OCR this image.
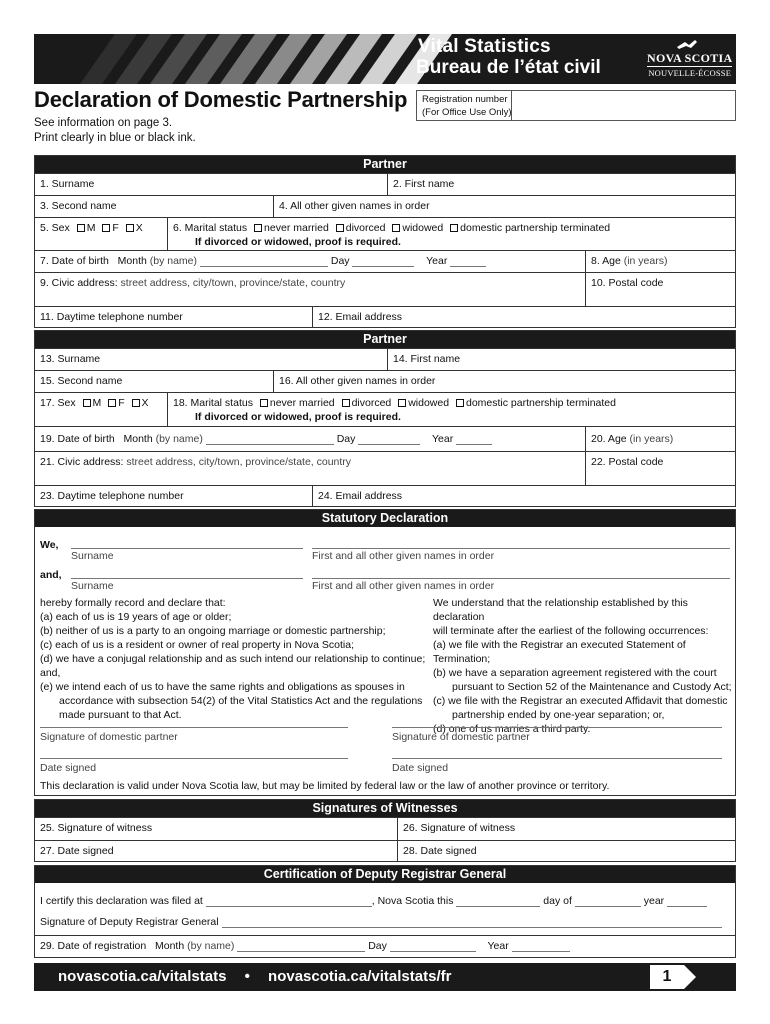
Vital Statistics
Bureau de l’état civil	NOVA SCOTIA
NOUVELLE-ÉCOSSE
Declaration of Domestic Partnership
See information on page 3.
Print clearly in blue or black ink.
Registration number
(For Office Use Only)
Partner
1. Surname	2. First name
3. Second name	4. All other given names in order
5. Sex M F X	6. Marital status never married divorced widowed domestic partnership terminated
If divorced or widowed, proof is required.
7. Date of birth Month (by name)	Day	Year	8. Age (in years)
9. Civic address: street address, city/town, province/state, country	10. Postal code
11. Daytime telephone number	12. Email address
Partner
13. Surname	14. First name
15. Second name	16. All other given names in order
17. Sex M F X	18. Marital status never married divorced widowed domestic partnership terminated
If divorced or widowed, proof is required.
19. Date of birth Month (by name)	Day	Year	20. Age (in years)
21. Civic address: street address, city/town, province/state, country	22. Postal code
23. Daytime telephone number	24. Email address
Statutory Declaration
We,
Surname	First and all other given names in order
and,
Surname	First and all other given names in order
hereby formally record and declare that:
(a) each of us is 19 years of age or older;
(b) neither of us is a party to an ongoing marriage or domestic partnership;
(c) each of us is a resident or owner of real property in Nova Scotia;
(d) we have a conjugal relationship and as such intend our relationship to continue; and,
(e) we intend each of us to have the same rights and obligations as spouses in
accordance with subsection 54(2) of the Vital Statistics Act and the regulations
made pursuant to that Act.
We understand that the relationship established by this declaration
will terminate after the earliest of the following occurrences:
(a) we file with the Registrar an executed Statement of Termination;
(b) we have a separation agreement registered with the court
pursuant to Section 52 of the Maintenance and Custody Act;
(c) we file with the Registrar an executed Affidavit that domestic
partnership ended by one-year separation; or,
(d) one of us marries a third party.
Signature of domestic partner	Signature of domestic partner
Date signed	Date signed
This declaration is valid under Nova Scotia law, but may be limited by federal law or the law of another province or territory.
Signatures of Witnesses
25. Signature of witness	26. Signature of witness
27. Date signed	28. Date signed
Certification of Deputy Registrar General
I certify this declaration was filed at	, Nova Scotia this	day of	year
Signature of Deputy Registrar General
29. Date of registration Month (by name)	Day	Year
novascotia.ca/vitalstats • novascotia.ca/vitalstats/fr	1
